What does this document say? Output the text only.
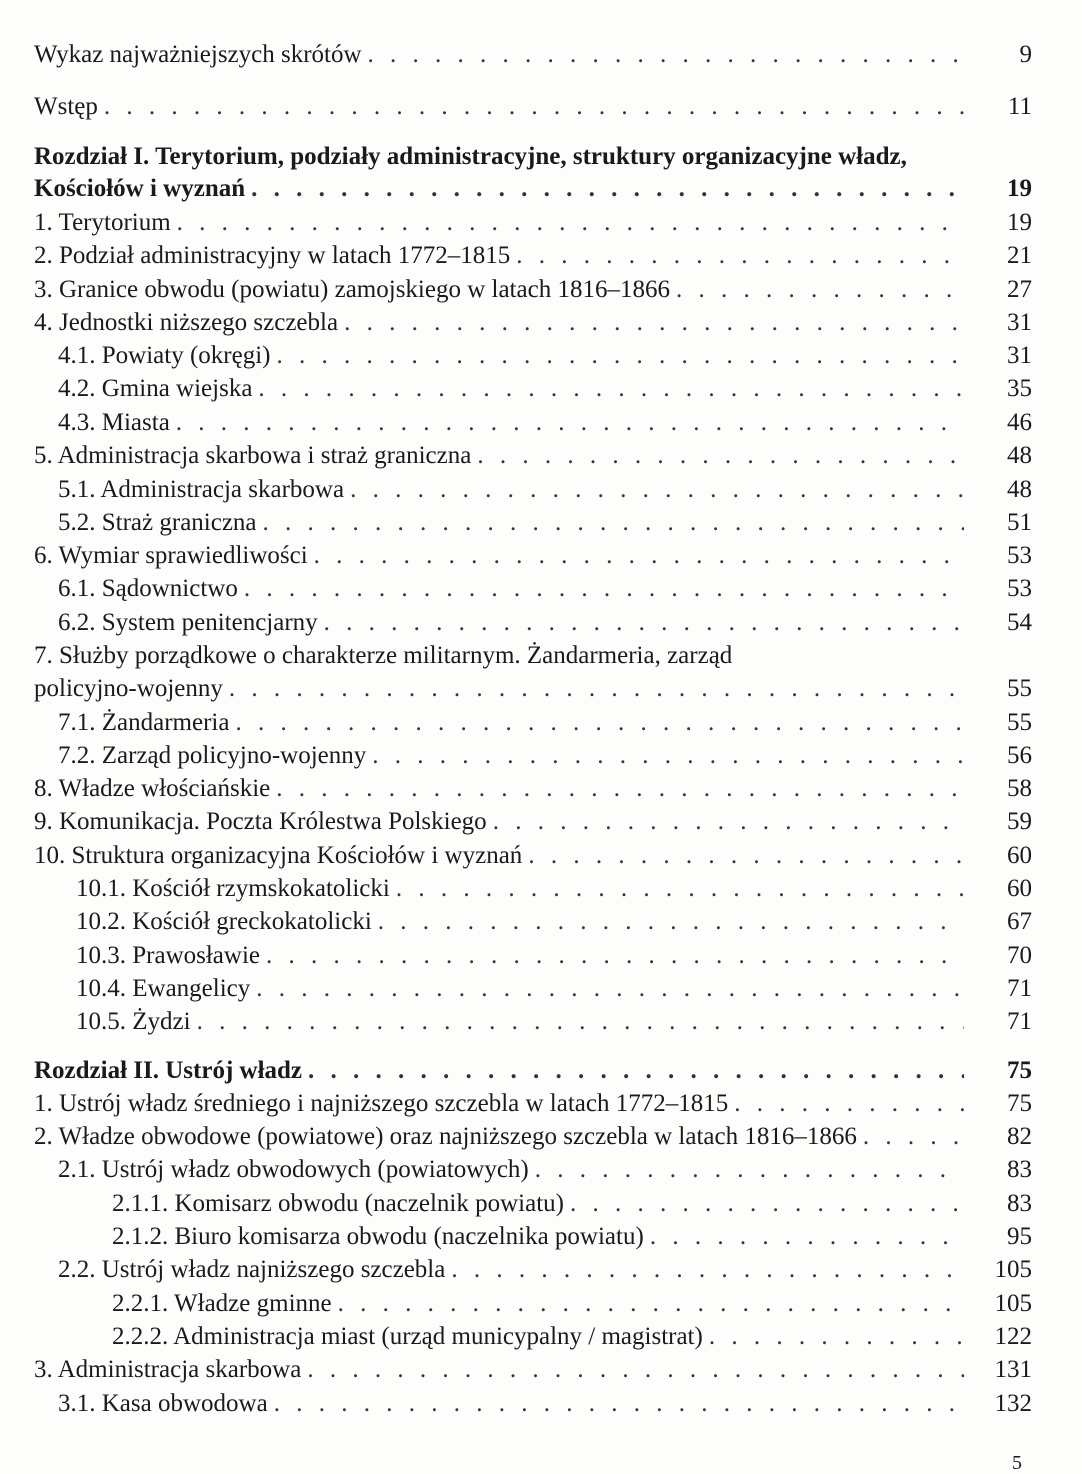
Wykaz najważniejszych skrótów . . .	9
Wstęp . . .	11
Rozdział I. Terytorium, podziały administracyjne, struktury organizacyjne władz,
Kościołów i wyznań . . .	19
1. Terytorium . . .	19
2. Podział administracyjny w latach 1772–1815 . . .	21
3. Granice obwodu (powiatu) zamojskiego w latach 1816–1866 . . .	27
4. Jednostki niższego szczebla . . .	31
4.1. Powiaty (okręgi) . . .	31
4.2. Gmina wiejska . . .	35
4.3. Miasta . . .	46
5. Administracja skarbowa i straż graniczna . . .	48
5.1. Administracja skarbowa . . .	48
5.2. Straż graniczna . . .	51
6. Wymiar sprawiedliwości . . .	53
6.1. Sądownictwo . . .	53
6.2. System penitencjarny . . .	54
7. Służby porządkowe o charakterze militarnym. Żandarmeria, zarząd
policyjno-wojenny . . .	55
7.1. Żandarmeria . . .	55
7.2. Zarząd policyjno-wojenny . . .	56
8. Władze włościańskie . . .	58
9. Komunikacja. Poczta Królestwa Polskiego . . .	59
10. Struktura organizacyjna Kościołów i wyznań . . .	60
10.1. Kościół rzymskokatolicki . . .	60
10.2. Kościół greckokatolicki . . .	67
10.3. Prawosławie . . .	70
10.4. Ewangelicy . . .	71
10.5. Żydzi . . .	71
Rozdział II. Ustrój władz . . .	75
1. Ustrój władz średniego i najniższego szczebla w latach 1772–1815 . . .	75
2. Władze obwodowe (powiatowe) oraz najniższego szczebla w latach 1816–1866 . . .	82
2.1. Ustrój władz obwodowych (powiatowych) . . .	83
2.1.1. Komisarz obwodu (naczelnik powiatu) . . .	83
2.1.2. Biuro komisarza obwodu (naczelnika powiatu) . . .	95
2.2. Ustrój władz najniższego szczebla . . .	105
2.2.1. Władze gminne . . .	105
2.2.2. Administracja miast (urząd municypalny / magistrat) . . .	122
3. Administracja skarbowa . . .	131
3.1. Kasa obwodowa . . .	132
5
